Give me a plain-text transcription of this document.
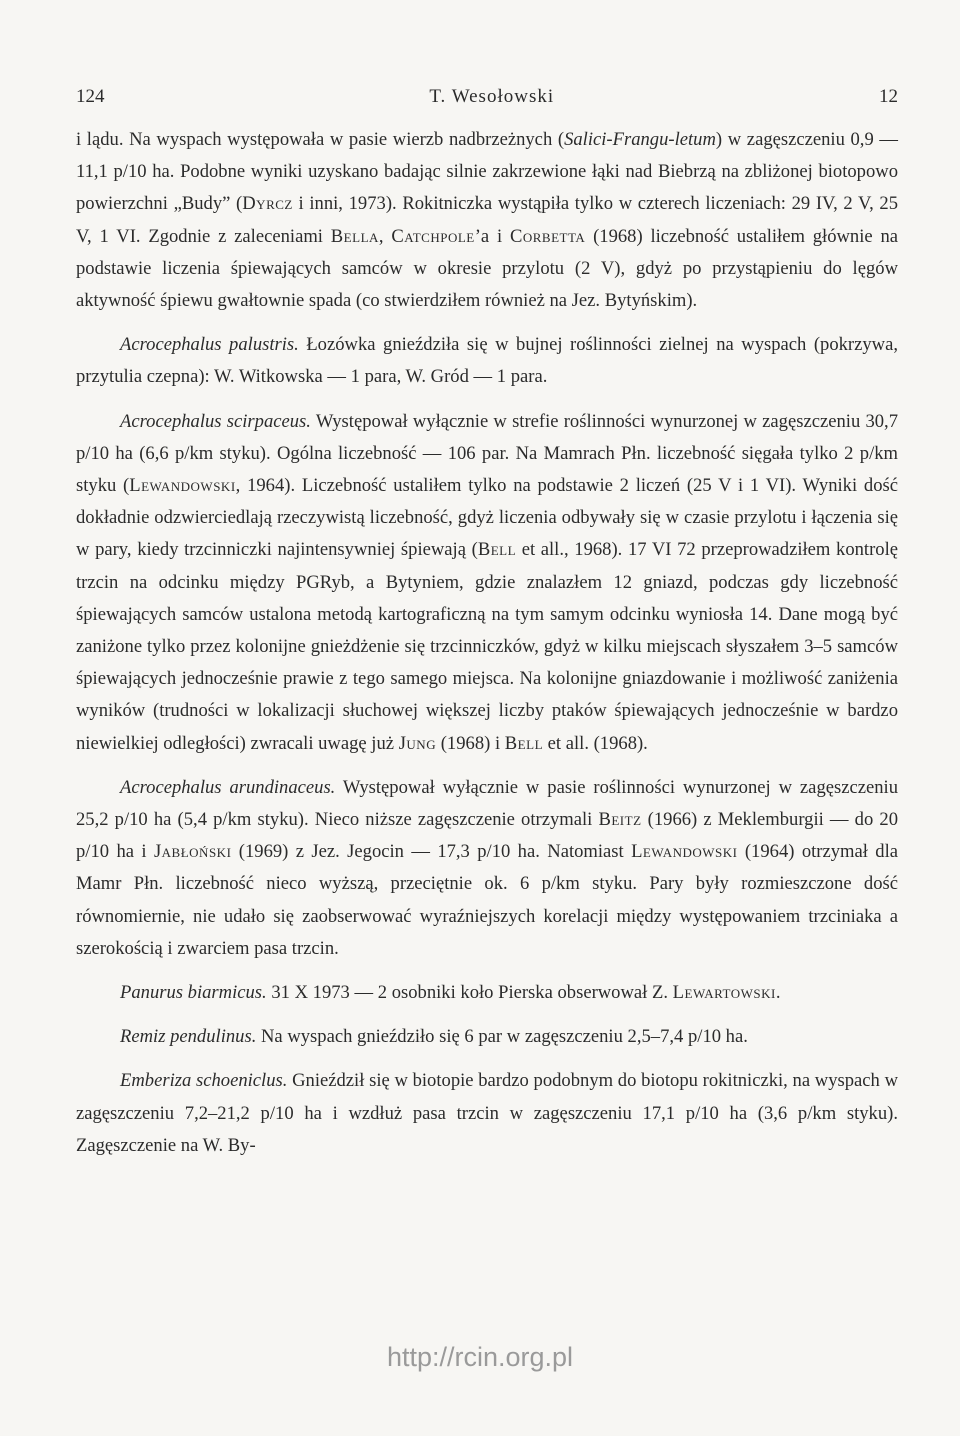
124	T. Wesołowski	12

i lądu. Na wyspach występowała w pasie wierzb nadbrzeżnych (Salici-Frangu-letum) w zagęszczeniu 0,9 — 11,1 p/10 ha. Podobne wyniki uzyskano badając silnie zakrzewione łąki nad Biebrzą na zbliżonej biotopowo powierzchni „Budy” (Dyrcz i inni, 1973). Rokitniczka wystąpiła tylko w czterech liczeniach: 29 IV, 2 V, 25 V, 1 VI. Zgodnie z zaleceniami Bella, Catchpole’a i Corbetta (1968) liczebność ustaliłem głównie na podstawie liczenia śpiewających samców w okresie przylotu (2 V), gdyż po przystąpieniu do lęgów aktywność śpiewu gwałtownie spada (co stwierdziłem również na Jez. Bytyńskim).

Acrocephalus palustris. Łozówka gnieździła się w bujnej roślinności zielnej na wyspach (pokrzywa, przytulia czepna): W. Witkowska — 1 para, W. Gród — 1 para.

Acrocephalus scirpaceus. Występował wyłącznie w strefie roślinności wynurzonej w zagęszczeniu 30,7 p/10 ha (6,6 p/km styku). Ogólna liczebność — 106 par. Na Mamrach Płn. liczebność sięgała tylko 2 p/km styku (Lewandowski, 1964). Liczebność ustaliłem tylko na podstawie 2 liczeń (25 V i 1 VI). Wyniki dość dokładnie odzwierciedlają rzeczywistą liczebność, gdyż liczenia odbywały się w czasie przylotu i łączenia się w pary, kiedy trzcinniczki najintensywniej śpiewają (Bell et all., 1968). 17 VI 72 przeprowadziłem kontrolę trzcin na odcinku między PGRyb, a Bytyniem, gdzie znalazłem 12 gniazd, podczas gdy liczebność śpiewających samców ustalona metodą kartograficzną na tym samym odcinku wyniosła 14. Dane mogą być zaniżone tylko przez kolonijne gnieżdżenie się trzcinniczków, gdyż w kilku miejscach słyszałem 3–5 samców śpiewających jednocześnie prawie z tego samego miejsca. Na kolonijne gniazdowanie i możliwość zaniżenia wyników (trudności w lokalizacji słuchowej większej liczby ptaków śpiewających jednocześnie w bardzo niewielkiej odległości) zwracali uwagę już Jung (1968) i Bell et all. (1968).

Acrocephalus arundinaceus. Występował wyłącznie w pasie roślinności wynurzonej w zagęszczeniu 25,2 p/10 ha (5,4 p/km styku). Nieco niższe zagęszczenie otrzymali Beitz (1966) z Meklemburgii — do 20 p/10 ha i Jabłoński (1969) z Jez. Jegocin — 17,3 p/10 ha. Natomiast Lewandowski (1964) otrzymał dla Mamr Płn. liczebność nieco wyższą, przeciętnie ok. 6 p/km styku. Pary były rozmieszczone dość równomiernie, nie udało się zaobserwować wyraźniejszych korelacji między występowaniem trzciniaka a szerokością i zwarciem pasa trzcin.

Panurus biarmicus. 31 X 1973 — 2 osobniki koło Pierska obserwował Z. Lewartowski.

Remiz pendulinus. Na wyspach gnieździło się 6 par w zagęszczeniu 2,5–7,4 p/10 ha.

Emberiza schoeniclus. Gnieździł się w biotopie bardzo podobnym do biotopu rokitniczki, na wyspach w zagęszczeniu 7,2–21,2 p/10 ha i wzdłuż pasa trzcin w zagęszczeniu 17,1 p/10 ha (3,6 p/km styku). Zagęszczenie na W. By-

http://rcin.org.pl
